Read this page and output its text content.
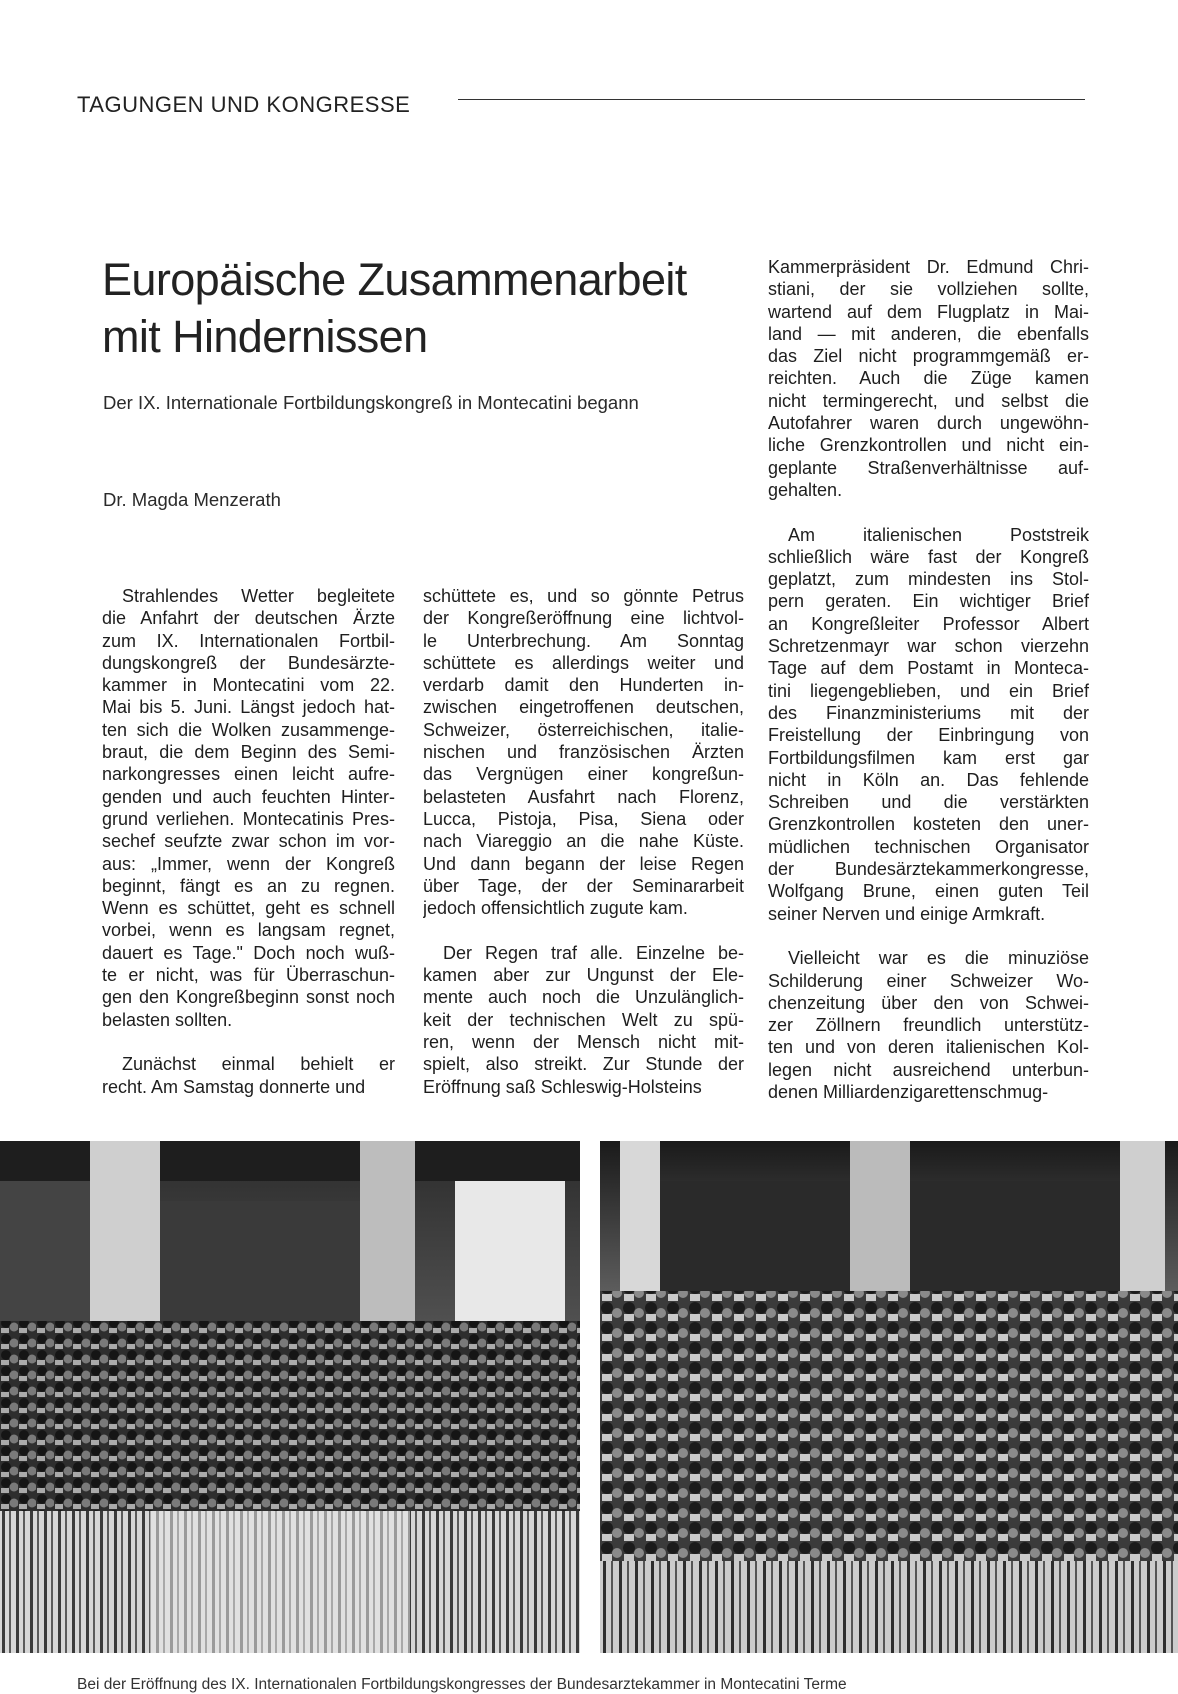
TAGUNGEN UND KONGRESSE
Europäische Zusammenarbeit
mit Hindernissen
Der IX. Internationale Fortbildungskongreß in Montecatini begann
Dr. Magda Menzerath
Strahlendes Wetter begleitete
die Anfahrt der deutschen Ärzte
zum IX. Internationalen Fortbil-
dungskongreß der Bundesärzte-
kammer in Montecatini vom 22.
Mai bis 5. Juni. Längst jedoch hat-
ten sich die Wolken zusammenge-
braut, die dem Beginn des Semi-
narkongresses einen leicht aufre-
genden und auch feuchten Hinter-
grund verliehen. Montecatinis Pres-
sechef seufzte zwar schon im vor-
aus: „Immer, wenn der Kongreß
beginnt, fängt es an zu regnen.
Wenn es schüttet, geht es schnell
vorbei, wenn es langsam regnet,
dauert es Tage." Doch noch wuß-
te er nicht, was für Überraschun-
gen den Kongreßbeginn sonst noch
belasten sollten.
Zunächst einmal behielt er
recht. Am Samstag donnerte und
schüttete es, und so gönnte Petrus
der Kongreßeröffnung eine lichtvol-
le Unterbrechung. Am Sonntag
schüttete es allerdings weiter und
verdarb damit den Hunderten in-
zwischen eingetroffenen deutschen,
Schweizer, österreichischen, italie-
nischen und französischen Ärzten
das Vergnügen einer kongreßun-
belasteten Ausfahrt nach Florenz,
Lucca, Pistoja, Pisa, Siena oder
nach Viareggio an die nahe Küste.
Und dann begann der leise Regen
über Tage, der der Seminararbeit
jedoch offensichtlich zugute kam.
Der Regen traf alle. Einzelne be-
kamen aber zur Ungunst der Ele-
mente auch noch die Unzulänglich-
keit der technischen Welt zu spü-
ren, wenn der Mensch nicht mit-
spielt, also streikt. Zur Stunde der
Eröffnung saß Schleswig-Holsteins
Kammerpräsident Dr. Edmund Chri-
stiani, der sie vollziehen sollte,
wartend auf dem Flugplatz in Mai-
land — mit anderen, die ebenfalls
das Ziel nicht programmgemäß er-
reichten. Auch die Züge kamen
nicht termingerecht, und selbst die
Autofahrer waren durch ungewöhn-
liche Grenzkontrollen und nicht ein-
geplante Straßenverhältnisse auf-
gehalten.
Am italienischen Poststreik
schließlich wäre fast der Kongreß
geplatzt, zum mindesten ins Stol-
pern geraten. Ein wichtiger Brief
an Kongreßleiter Professor Albert
Schretzenmayr war schon vierzehn
Tage auf dem Postamt in Monteca-
tini liegengeblieben, und ein Brief
des Finanzministeriums mit der
Freistellung der Einbringung von
Fortbildungsfilmen kam erst gar
nicht in Köln an. Das fehlende
Schreiben und die verstärkten
Grenzkontrollen kosteten den uner-
müdlichen technischen Organisator
der Bundesärztekammerkongresse,
Wolfgang Brune, einen guten Teil
seiner Nerven und einige Armkraft.
Vielleicht war es die minuziöse
Schilderung einer Schweizer Wo-
chenzeitung über den von Schwei-
zer Zöllnern freundlich unterstütz-
ten und von deren italienischen Kol-
legen nicht ausreichend unterbun-
denen Milliardenzigarettenschmug-
Bei der Eröffnung des IX. Internationalen Fortbildungskongresses der Bundesarztekammer in Montecatini Terme
